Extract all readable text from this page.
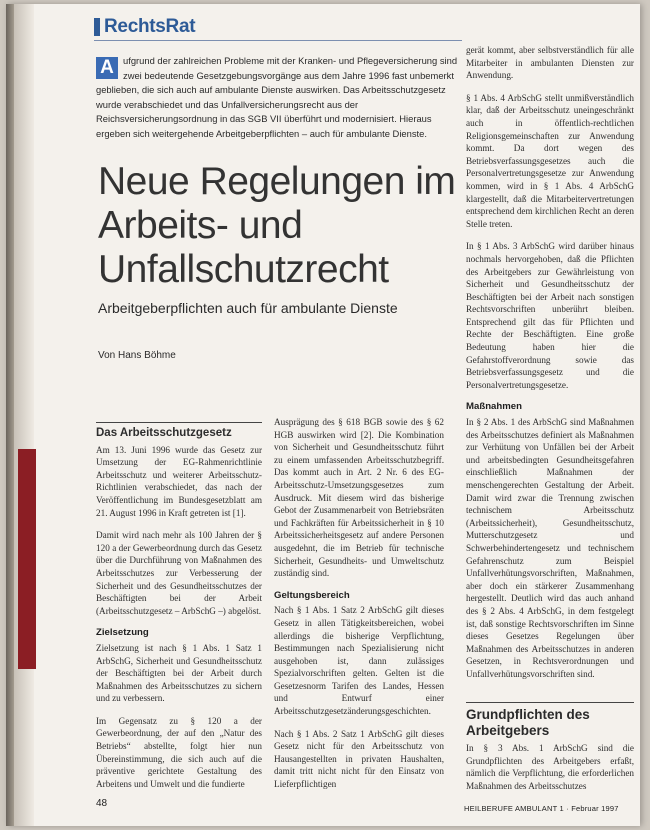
RechtsRat
A ufgrund der zahlreichen Probleme mit der Kranken- und Pflegeversicherung sind zwei bedeutende Gesetzgebungsvorgänge aus dem Jahre 1996 fast unbemerkt geblieben, die sich auch auf ambulante Dienste auswirken. Das Arbeitsschutzgesetz wurde verabschiedet und das Unfallversicherungsrecht aus der Reichsversicherungsordnung in das SGB VII überführt und modernisiert. Hieraus ergeben sich weitergehende Arbeitgeberpflichten – auch für ambulante Dienste.
Neue Regelungen im Arbeits- und Unfallschutzrecht
Arbeitgeberpflichten auch für ambulante Dienste
Von Hans Böhme
Das Arbeitsschutzgesetz

Am 13. Juni 1996 wurde das Gesetz zur Umsetzung der EG-Rahmenrichtlinie Arbeitsschutz und weiterer Arbeitsschutz-Richtlinien verabschiedet, das nach der Veröffentlichung im Bundesgesetzblatt am 21. August 1996 in Kraft getreten ist [1].

Damit wird nach mehr als 100 Jahren der § 120 a der Gewerbeordnung durch das Gesetz über die Durchführung von Maßnahmen des Arbeitsschutzes zur Verbesserung der Sicherheit und des Gesundheitsschutzes der Beschäftigten bei der Arbeit (Arbeitsschutzgesetz – ArbSchG –) abgelöst.

Zielsetzung

Zielsetzung ist nach § 1 Abs. 1 Satz 1 ArbSchG, Sicherheit und Gesundheitsschutz der Beschäftigten bei der Arbeit durch Maßnahmen des Arbeitsschutzes zu sichern und zu verbessern.

Im Gegensatz zu § 120 a der Gewerbeordnung, der auf den „Natur des Betriebs“ abstellte, folgt hier nun Übereinstimmung, die sich auch auf die präventive gerichtete Gestaltung des Arbeitens und Umwelt und die fundierte

Ausprägung des § 618 BGB sowie des § 62 HGB auswirken wird [2]. Die Kombination von Sicherheit und Gesundheitsschutz führt zu einem umfassenden Arbeitsschutzbegriff. Das kommt auch in Art. 2 Nr. 6 des EG-Arbeitsschutz-Umsetzungsgesetzes zum Ausdruck. Mit diesem wird das bisherige Gebot der Zusammenarbeit von Betriebsräten und Fachkräften für Arbeitssicherheit in § 10 Arbeitssicherheitsgesetz auf andere Personen ausgedehnt, die im Betrieb für technische Sicherheit, Gesundheits- und Umweltschutz zuständig sind.

Geltungsbereich

Nach § 1 Abs. 1 Satz 2 ArbSchG gilt dieses Gesetz in allen Tätigkeitsbereichen, wobei allerdings die bisherige Verpflichtung, Bestimmungen nach Spezialisierung nicht ausgehoben ist, dann zulässiges Spezialvorschriften gelten. Gelten ist die Gesetzesnorm Tarifen des Landes, Hessen und Entwurf einer Arbeitsschutzgesetzänderungsgeschichten.

Nach § 1 Abs. 2 Satz 1 ArbSchG gilt dieses Gesetz nicht für den Arbeitsschutz von Hausangestellten in privaten Haushalten, damit tritt nicht nicht für den Einsatz von Lieferpflichtigen

gerät kommt, aber selbstverständlich für alle Mitarbeiter in ambulanten Diensten zur Anwendung.

§ 1 Abs. 4 ArbSchG stellt unmißverständlich klar, daß der Arbeitsschutz uneingeschränkt auch in öffentlich-rechtlichen Religionsgemeinschaften zur Anwendung kommt. Da dort wegen des Betriebsverfassungsgesetzes auch die Personalvertretungsgesetze zur Anwendung kommen, wird in § 1 Abs. 4 ArbSchG klargestellt, daß die Mitarbeitervertretungen entsprechend dem kirchlichen Recht an deren Stelle treten.

In § 1 Abs. 3 ArbSchG wird darüber hinaus nochmals hervorgehoben, daß die Pflichten des Arbeitgebers zur Gewährleistung von Sicherheit und Gesundheitsschutz der Beschäftigten bei der Arbeit nach sonstigen Rechtsvorschriften unberührt bleiben. Entsprechend gilt das für Pflichten und Rechte der Beschäftigten. Eine große Bedeutung haben hier die Gefahrstoffverordnung sowie das Betriebsverfassungsgesetz und die Personalvertretungsgesetze.

Maßnahmen

In § 2 Abs. 1 des ArbSchG sind Maßnahmen des Arbeitsschutzes definiert als Maßnahmen zur Verhütung von Unfällen bei der Arbeit und arbeitsbedingten Gesundheitsgefahren einschließlich Maßnahmen der menschengerechten Gestaltung der Arbeit. Damit wird zwar die Trennung zwischen technischem Arbeitsschutz (Arbeitssicherheit), Gesundheitsschutz, Mutterschutzgesetz und Schwerbehindertengesetz und technischem Gefahrenschutz zum Beispiel Unfallverhütungsvorschriften, Maßnahmen, aber doch ein stärkerer Zusammenhang hergestellt. Deutlich wird das auch anhand des § 2 Abs. 4 ArbSchG, in dem festgelegt ist, daß sonstige Rechtsvorschriften im Sinne dieses Gesetzes Regelungen über Maßnahmen des Arbeitsschutzes in anderen Gesetzen, in Rechtsverordnungen und Unfallverhütungsvorschriften sind.

Grundpflichten des Arbeitgebers

In § 3 Abs. 1 ArbSchG sind die Grundpflichten des Arbeitgebers erfaßt, nämlich die Verpflichtung, die erforderlichen Maßnahmen des Arbeitsschutzes

48	HEILBERUFE AMBULANT 1 · Februar 1997
